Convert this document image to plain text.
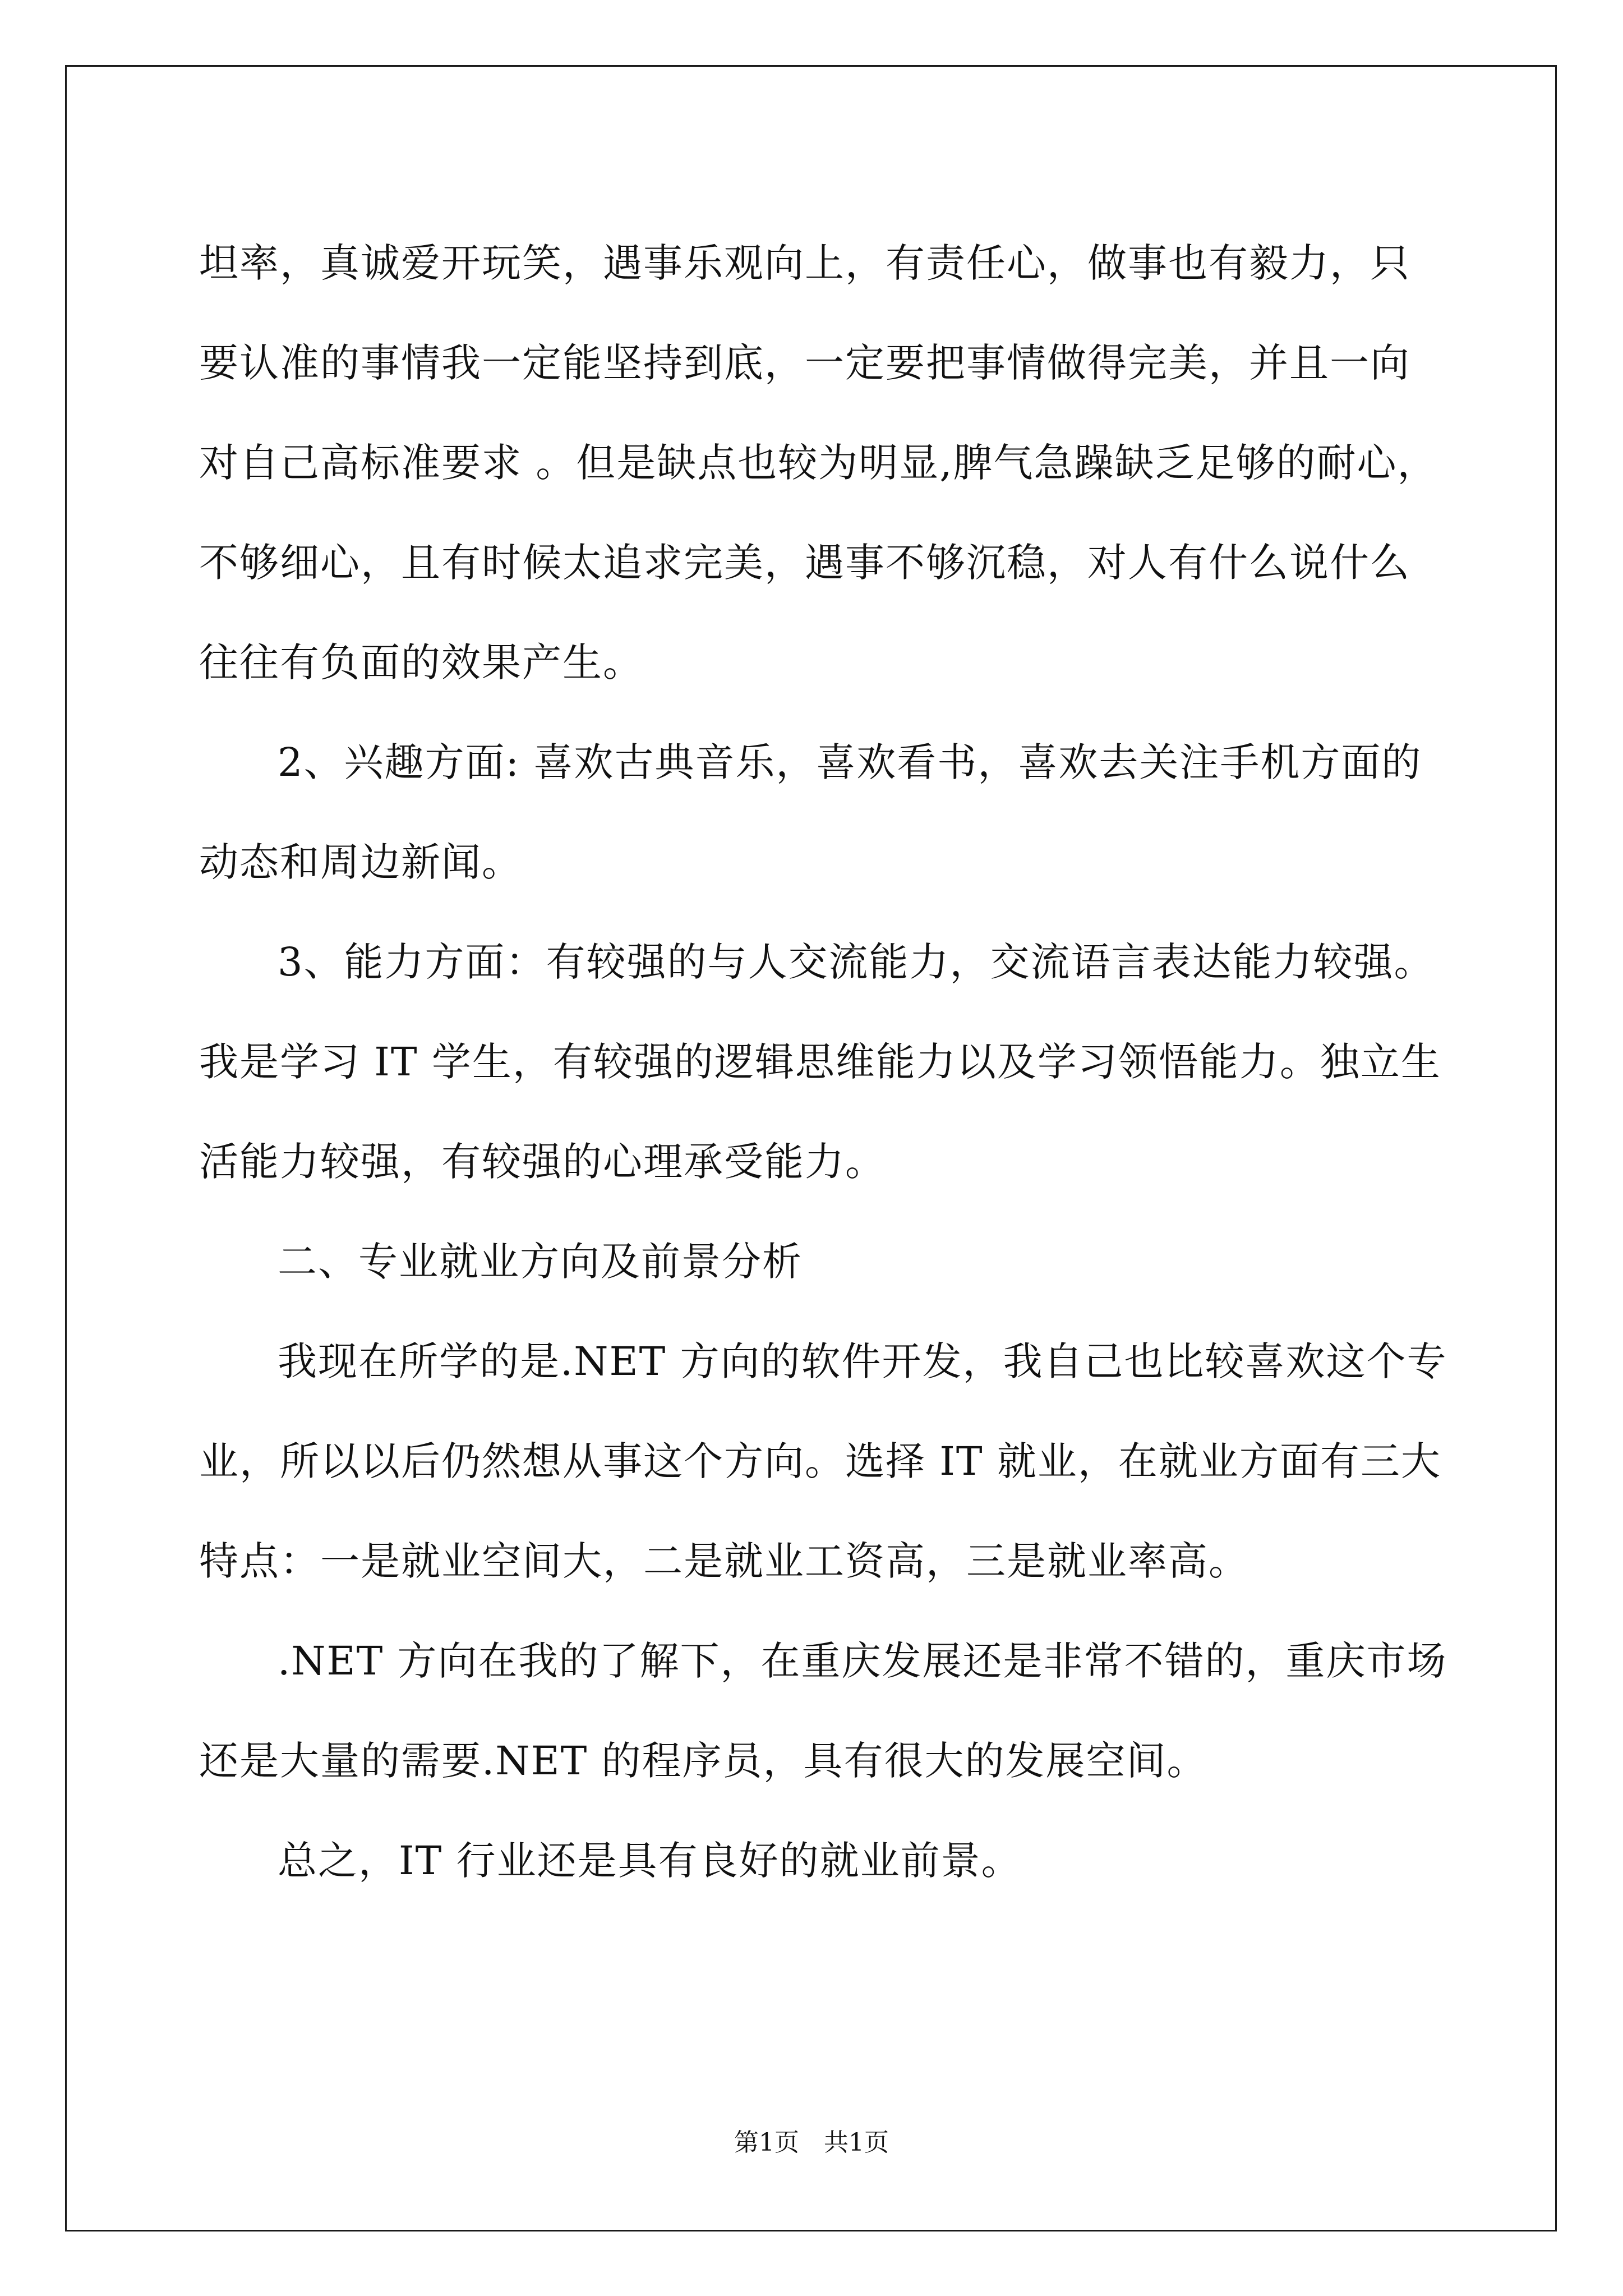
坦率，真诚爱开玩笑，遇事乐观向上，有责任心，做事也有毅力，只
要认准的事情我一定能坚持到底，一定要把事情做得完美，并且一向
对自己高标准要求 。但是缺点也较为明显,脾气急躁缺乏足够的耐心，
不够细心，且有时候太追求完美，遇事不够沉稳，对人有什么说什么
往往有负面的效果产生。
2、兴趣方面: 喜欢古典音乐，喜欢看书，喜欢去关注手机方面的
动态和周边新闻。
3、能力方面：有较强的与人交流能力，交流语言表达能力较强。
我是学习 IT 学生，有较强的逻辑思维能力以及学习领悟能力。独立生
活能力较强，有较强的心理承受能力。
二、专业就业方向及前景分析
我现在所学的是.NET 方向的软件开发，我自己也比较喜欢这个专
业，所以以后仍然想从事这个方向。选择 IT 就业，在就业方面有三大
特点：一是就业空间大，二是就业工资高，三是就业率高。
.NET 方向在我的了解下，在重庆发展还是非常不错的，重庆市场
还是大量的需要.NET 的程序员，具有很大的发展空间。
总之，IT 行业还是具有良好的就业前景。
第1页　共1页
